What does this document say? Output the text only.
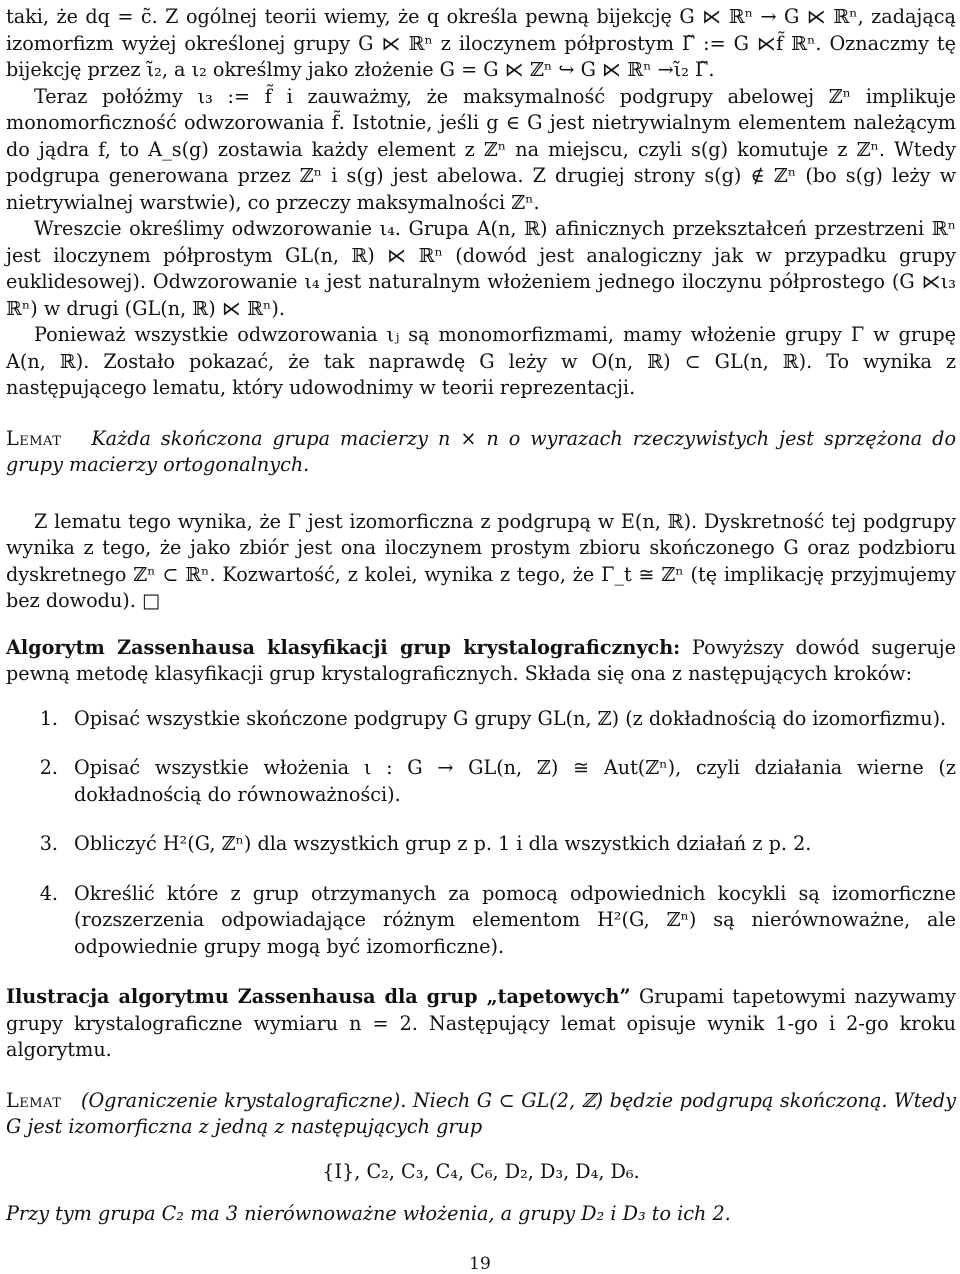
taki, że dq = c̃. Z ogólnej teorii wiemy, że q określa pewną bijekcję G ⋉ ℝⁿ → G ⋉ ℝⁿ, zadającą izomorfizm wyżej określonej grupy G ⋉ ℝⁿ z iloczynem półprostym Γ̃ := G ⋉f̃ ℝⁿ. Oznaczmy tę bijekcję przez ι̃₂, a ι₂ określmy jako złożenie G = G ⋉ ℤⁿ ↪ G ⋉ ℝⁿ →ι̃₂ Γ̃.

Teraz połóżmy ι₃ := f̃ i zauważmy, że maksymalność podgrupy abelowej ℤⁿ implikuje monomorficzność odwzorowania f̃. Istotnie, jeśli g ∈ G jest nietrywialnym elementem należącym do jądra f, to A_s(g) zostawia każdy element z ℤⁿ na miejscu, czyli s(g) komutuje z ℤⁿ. Wtedy podgrupa generowana przez ℤⁿ i s(g) jest abelowa. Z drugiej strony s(g) ∉ ℤⁿ (bo s(g) leży w nietrywialnej warstwie), co przeczy maksymalności ℤⁿ.

Wreszcie określimy odwzorowanie ι₄. Grupa A(n, ℝ) afinicznych przekształceń przestrzeni ℝⁿ jest iloczynem półprostym GL(n, ℝ) ⋉ ℝⁿ (dowód jest analogiczny jak w przypadku grupy euklidesowej). Odwzorowanie ι₄ jest naturalnym włożeniem jednego iloczynu półprostego (G ⋉ι₃ ℝⁿ) w drugi (GL(n, ℝ) ⋉ ℝⁿ).

Ponieważ wszystkie odwzorowania ιⱼ są monomorfizmami, mamy włożenie grupy Γ w grupę A(n, ℝ). Zostało pokazać, że tak naprawdę G leży w O(n, ℝ) ⊂ GL(n, ℝ). To wynika z następującego lematu, który udowodnimy w teorii reprezentacji.

Lemat Każda skończona grupa macierzy n × n o wyrazach rzeczywistych jest sprzężona do grupy macierzy ortogonalnych.

Z lematu tego wynika, że Γ jest izomorficzna z podgrupą w E(n, ℝ). Dyskretność tej podgrupy wynika z tego, że jako zbiór jest ona iloczynem prostym zbioru skończonego G oraz podzbioru dyskretnego ℤⁿ ⊂ ℝⁿ. Kozwartość, z kolei, wynika z tego, że Γ_t ≅ ℤⁿ (tę implikację przyjmujemy bez dowodu). □

Algorytm Zassenhausa klasyfikacji grup krystalograficznych: Powyższy dowód sugeruje pewną metodę klasyfikacji grup krystalograficznych. Składa się ona z następujących kroków:

1. Opisać wszystkie skończone podgrupy G grupy GL(n, ℤ) (z dokładnością do izomorfizmu).
2. Opisać wszystkie włożenia ι : G → GL(n, ℤ) ≅ Aut(ℤⁿ), czyli działania wierne (z dokładnością do równoważności).
3. Obliczyć H²(G, ℤⁿ) dla wszystkich grup z p. 1 i dla wszystkich działań z p. 2.
4. Określić które z grup otrzymanych za pomocą odpowiednich kocykli są izomorficzne (rozszerzenia odpowiadające różnym elementom H²(G, ℤⁿ) są nierównoważne, ale odpowiednie grupy mogą być izomorficzne).

Ilustracja algorytmu Zassenhausa dla grup „tapetowych” Grupami tapetowymi nazywamy grupy krystalograficzne wymiaru n = 2. Następujący lemat opisuje wynik 1-go i 2-go kroku algorytmu.

Lemat (Ograniczenie krystalograficzne). Niech G ⊂ GL(2, ℤ) będzie podgrupą skończoną. Wtedy G jest izomorficzna z jedną z następujących grup

{I}, C₂, C₃, C₄, C₆, D₂, D₃, D₄, D₆.

Przy tym grupa C₂ ma 3 nierównoważne włożenia, a grupy D₂ i D₃ to ich 2.

19
